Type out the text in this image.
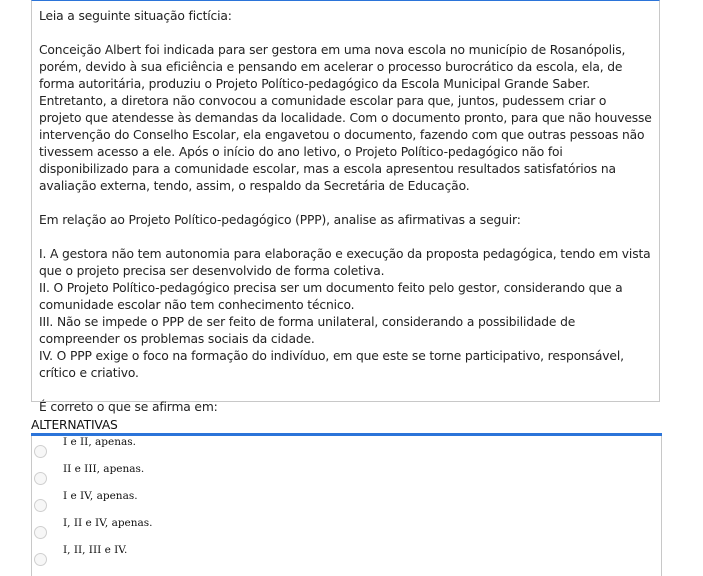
Leia a seguinte situação fictícia:

Conceição Albert foi indicada para ser gestora em uma nova escola no município de Rosanópolis, porém, devido à sua eficiência e pensando em acelerar o processo burocrático da escola, ela, de forma autoritária, produziu o Projeto Político-pedagógico da Escola Municipal Grande Saber. Entretanto, a diretora não convocou a comunidade escolar para que, juntos, pudessem criar o projeto que atendesse às demandas da localidade. Com o documento pronto, para que não houvesse intervenção do Conselho Escolar, ela engavetou o documento, fazendo com que outras pessoas não tivessem acesso a ele. Após o início do ano letivo, o Projeto Político-pedagógico não foi disponibilizado para a comunidade escolar, mas a escola apresentou resultados satisfatórios na avaliação externa, tendo, assim, o respaldo da Secretária de Educação.

Em relação ao Projeto Político-pedagógico (PPP), analise as afirmativas a seguir:

I. A gestora não tem autonomia para elaboração e execução da proposta pedagógica, tendo em vista que o projeto precisa ser desenvolvido de forma coletiva.
II. O Projeto Político-pedagógico precisa ser um documento feito pelo gestor, considerando que a comunidade escolar não tem conhecimento técnico.
III. Não se impede o PPP de ser feito de forma unilateral, considerando a possibilidade de compreender os problemas sociais da cidade.
IV. O PPP exige o foco na formação do indivíduo, em que este se torne participativo, responsável, crítico e criativo.

É correto o que se afirma em:

ALTERNATIVAS
I e II, apenas.
II e III, apenas.
I e IV, apenas.
I, II e IV, apenas.
I, II, III e IV.
